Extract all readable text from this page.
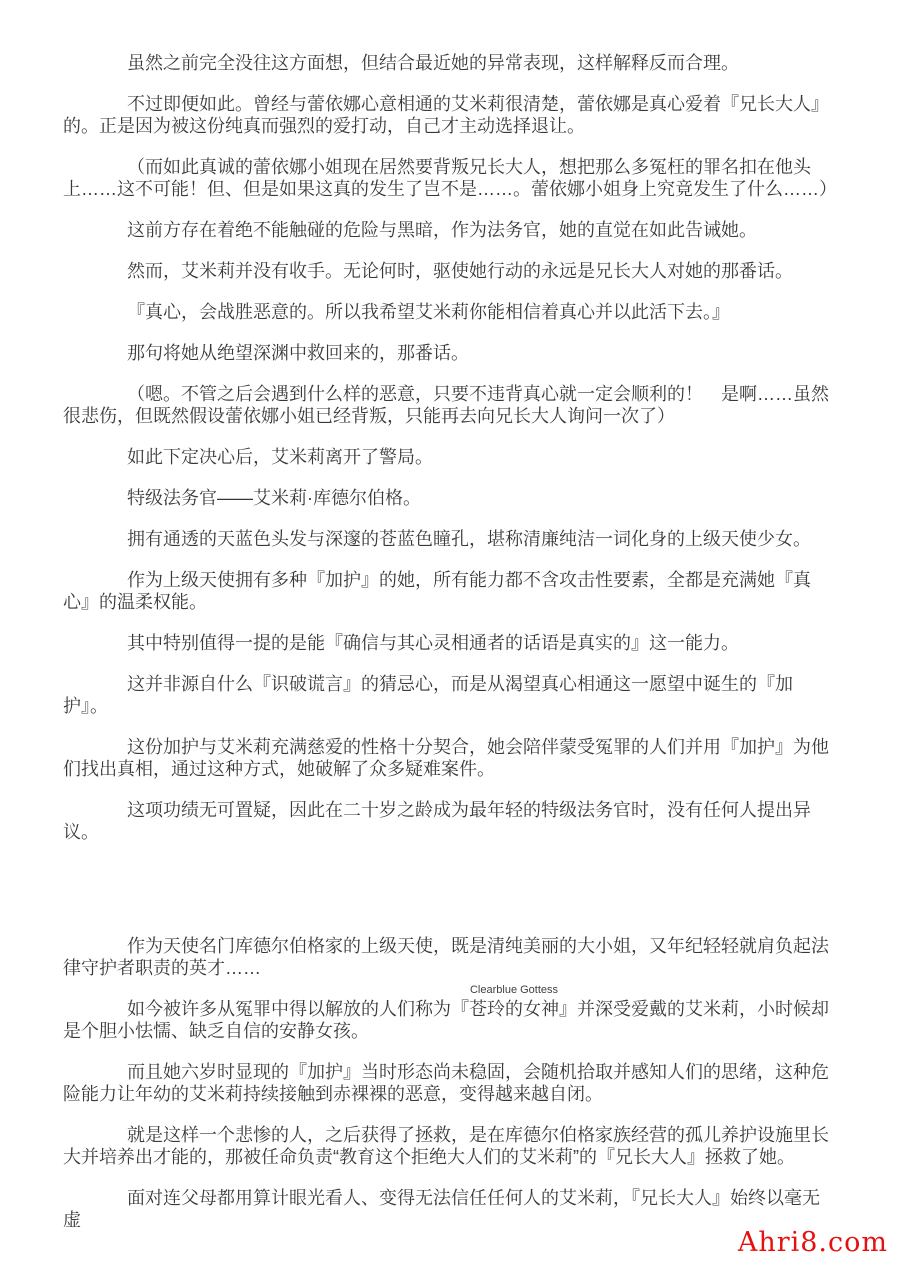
虽然之前完全没往这方面想，但结合最近她的异常表现，这样解释反而合理。

不过即便如此。曾经与蕾依娜心意相通的艾米莉很清楚，蕾依娜是真心爱着『兄长大人』的。正是因为被这份纯真而强烈的爱打动，自己才主动选择退让。

（而如此真诚的蕾依娜小姐现在居然要背叛兄长大人，想把那么多冤枉的罪名扣在他头上……这不可能！但、但是如果这真的发生了岂不是……。蕾依娜小姐身上究竟发生了什么……）

这前方存在着绝不能触碰的危险与黑暗，作为法务官，她的直觉在如此告诫她。

然而，艾米莉并没有收手。无论何时，驱使她行动的永远是兄长大人对她的那番话。

『真心，会战胜恶意的。所以我希望艾米莉你能相信着真心并以此活下去。』

那句将她从绝望深渊中救回来的，那番话。

（嗯。不管之后会遇到什么样的恶意，只要不违背真心就一定会顺利的！　是啊……虽然很悲伤，但既然假设蕾依娜小姐已经背叛，只能再去向兄长大人询问一次了）

如此下定决心后，艾米莉离开了警局。

特级法务官——艾米莉·库德尔伯格。

拥有通透的天蓝色头发与深邃的苍蓝色瞳孔，堪称清廉纯洁一词化身的上级天使少女。

作为上级天使拥有多种『加护』的她，所有能力都不含攻击性要素，全都是充满她『真心』的温柔权能。

其中特别值得一提的是能『确信与其心灵相通者的话语是真实的』这一能力。

这并非源自什么『识破谎言』的猜忌心，而是从渴望真心相通这一愿望中诞生的『加护』。

这份加护与艾米莉充满慈爱的性格十分契合，她会陪伴蒙受冤罪的人们并用『加护』为他们找出真相，通过这种方式，她破解了众多疑难案件。

这项功绩无可置疑，因此在二十岁之龄成为最年轻的特级法务官时，没有任何人提出异议。

作为天使名门库德尔伯格家的上级天使，既是清纯美丽的大小姐，又年纪轻轻就肩负起法律守护者职责的英才……

如今被许多从冤罪中得以解放的人们称为『
Clearblue Gottess
苍玲的女神』并深受爱戴的艾米莉，小时候却是个胆小怯懦、缺乏自信的安静女孩。

而且她六岁时显现的『加护』当时形态尚未稳固，会随机拾取并感知人们的思绪，这种危险能力让年幼的艾米莉持续接触到赤裸裸的恶意，变得越来越自闭。

就是这样一个悲惨的人，之后获得了拯救，是在库德尔伯格家族经营的孤儿养护设施里长大并培养出才能的，那被任命负责“教育这个拒绝大人们的艾米莉”的『兄长大人』拯救了她。

面对连父母都用算计眼光看人、变得无法信任任何人的艾米莉，『兄长大人』始终以毫无虚

Ahri8.com
